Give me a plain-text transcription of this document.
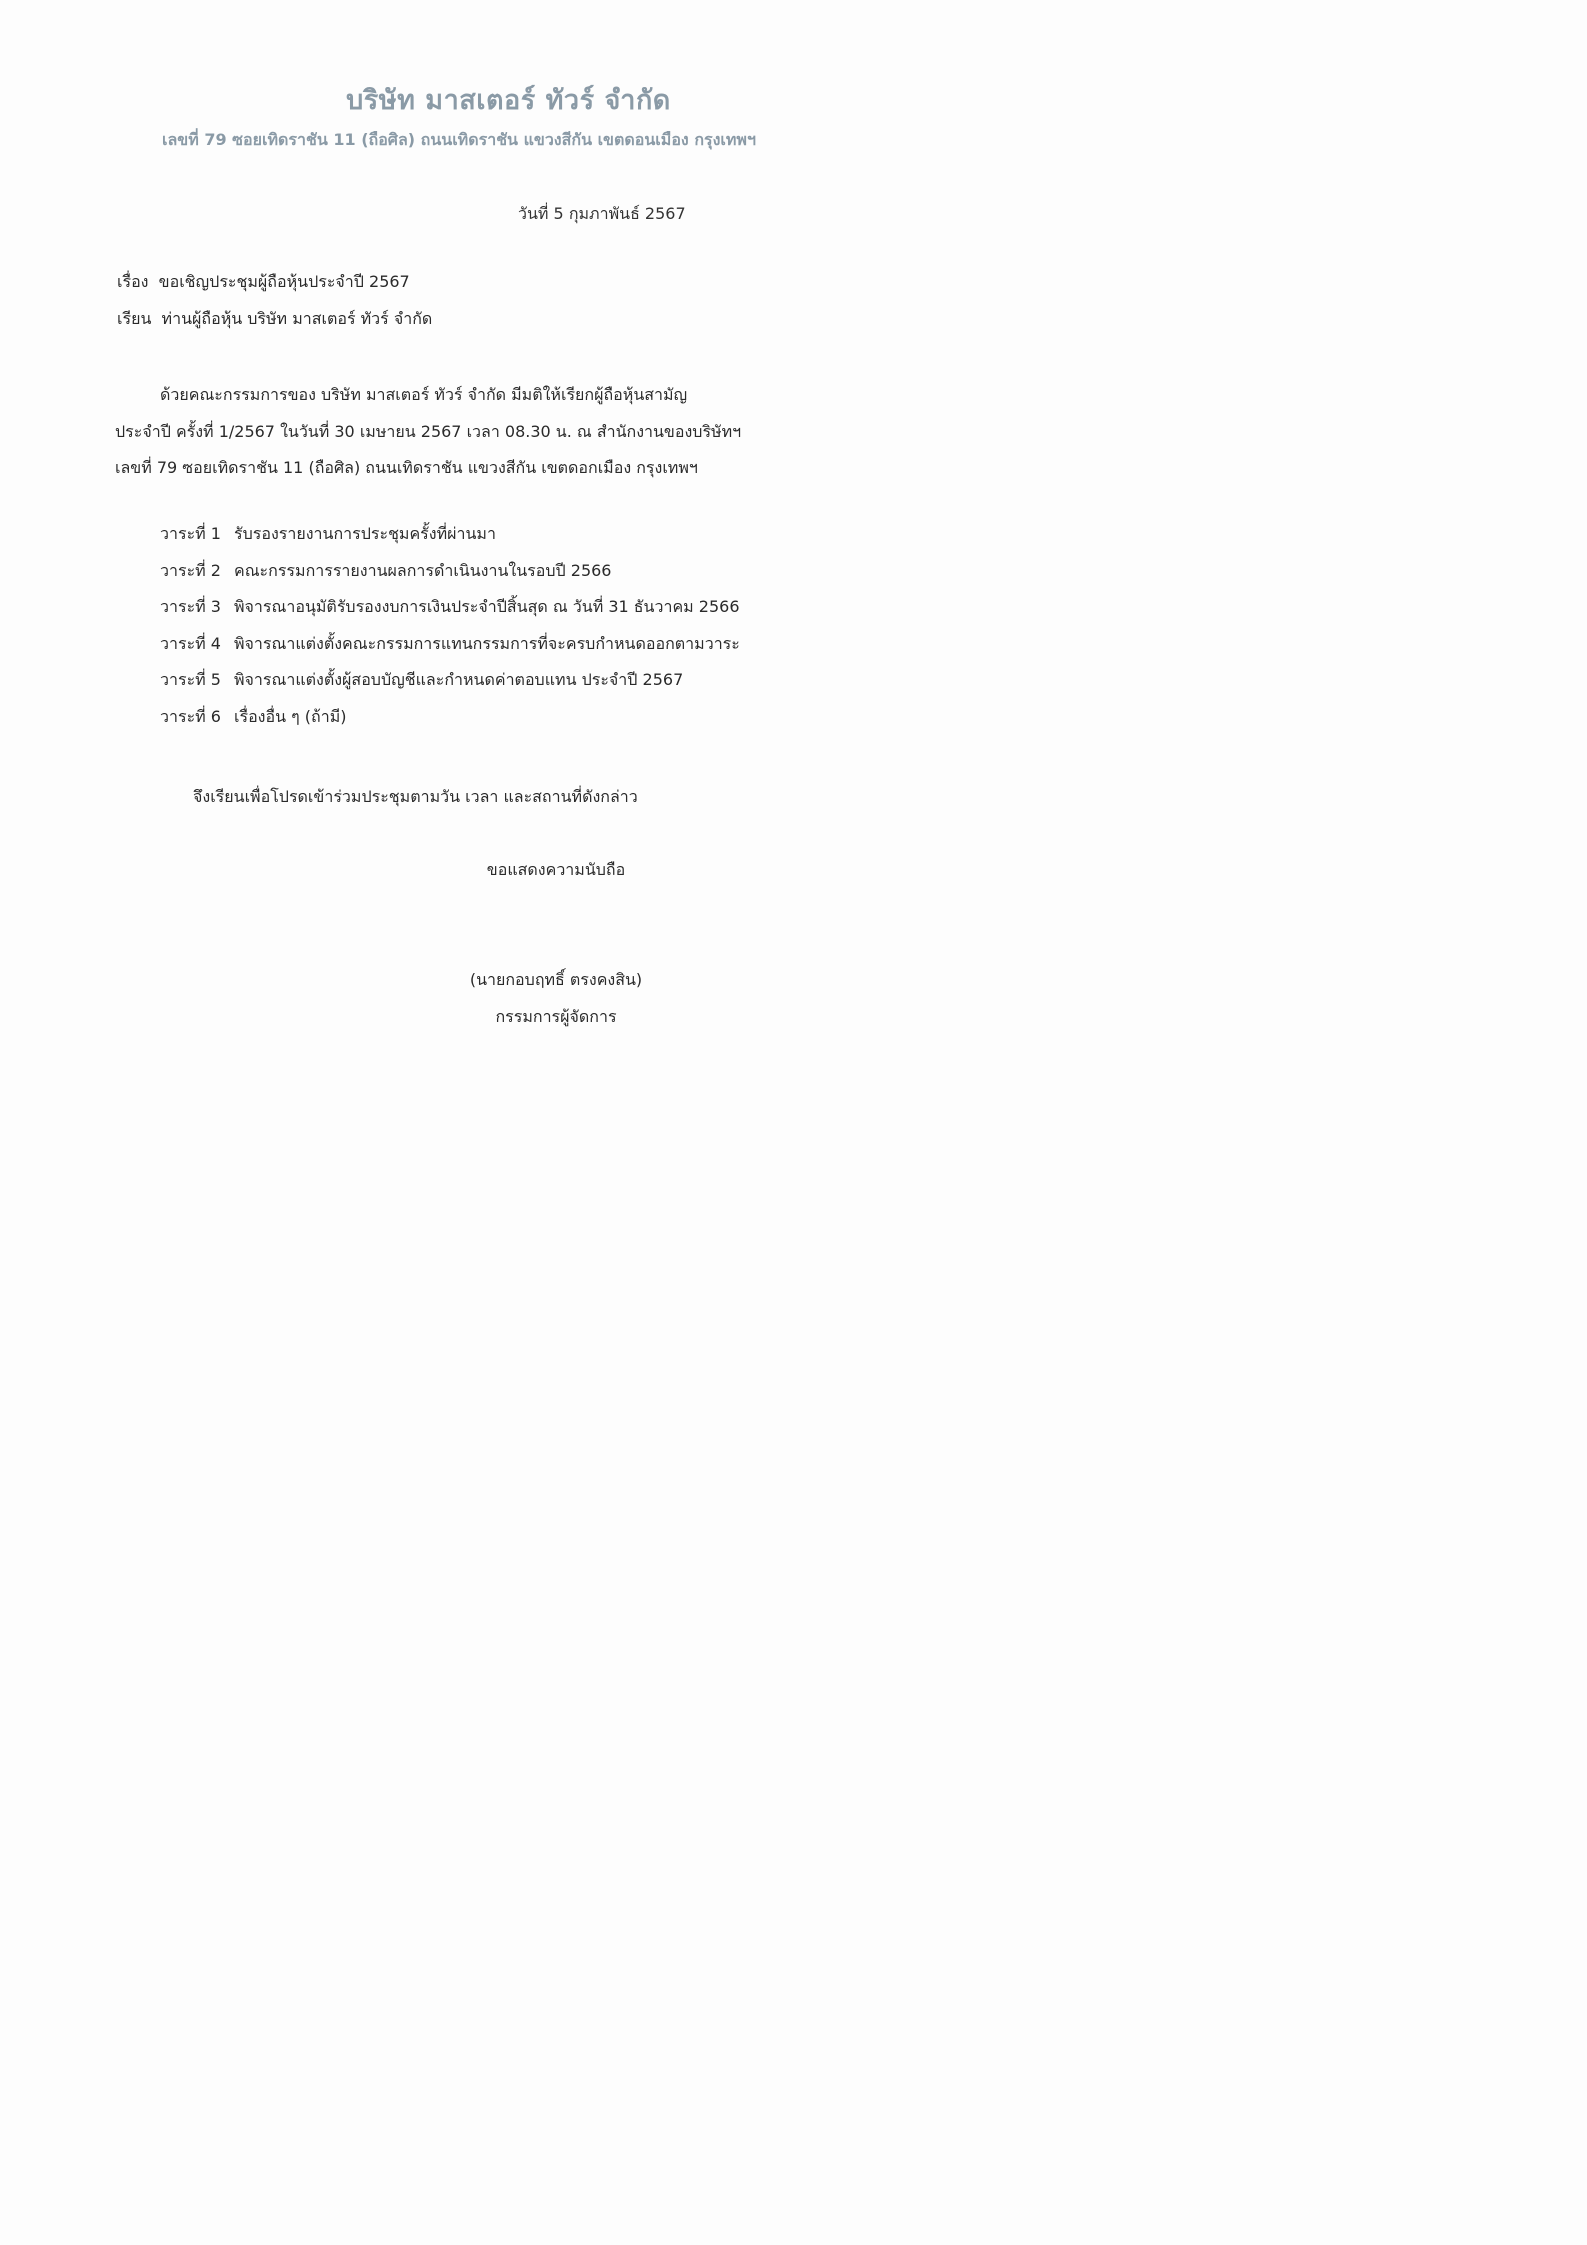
บริษัท มาสเตอร์ ทัวร์ จำกัด
เลขที่ 79 ซอยเทิดราชัน 11 (ถือศิล) ถนนเทิดราชัน แขวงสีกัน เขตดอนเมือง กรุงเทพฯ
วันที่ 5 กุมภาพันธ์ 2567
เรื่อง ขอเชิญประชุมผู้ถือหุ้นประจำปี 2567
เรียน ท่านผู้ถือหุ้น บริษัท มาสเตอร์ ทัวร์ จำกัด
ด้วยคณะกรรมการของ บริษัท มาสเตอร์ ทัวร์ จำกัด มีมติให้เรียกผู้ถือหุ้นสามัญ
ประจำปี ครั้งที่ 1/2567 ในวันที่ 30 เมษายน 2567 เวลา 08.30 น. ณ สำนักงานของบริษัทฯ
เลขที่ 79 ซอยเทิดราชัน 11 (ถือศิล) ถนนเทิดราชัน แขวงสีกัน เขตดอกเมือง กรุงเทพฯ
วาระที่ 1 รับรองรายงานการประชุมครั้งที่ผ่านมา
วาระที่ 2 คณะกรรมการรายงานผลการดำเนินงานในรอบปี 2566
วาระที่ 3 พิจารณาอนุมัติรับรองงบการเงินประจำปีสิ้นสุด ณ วันที่ 31 ธันวาคม 2566
วาระที่ 4 พิจารณาแต่งตั้งคณะกรรมการแทนกรรมการที่จะครบกำหนดออกตามวาระ
วาระที่ 5 พิจารณาแต่งตั้งผู้สอบบัญชีและกำหนดค่าตอบแทน ประจำปี 2567
วาระที่ 6 เรื่องอื่น ๆ (ถ้ามี)
จึงเรียนเพื่อโปรดเข้าร่วมประชุมตามวัน เวลา และสถานที่ดังกล่าว
ขอแสดงความนับถือ
(นายกอบฤทธิ์ ตรงคงสิน)
กรรมการผู้จัดการ
